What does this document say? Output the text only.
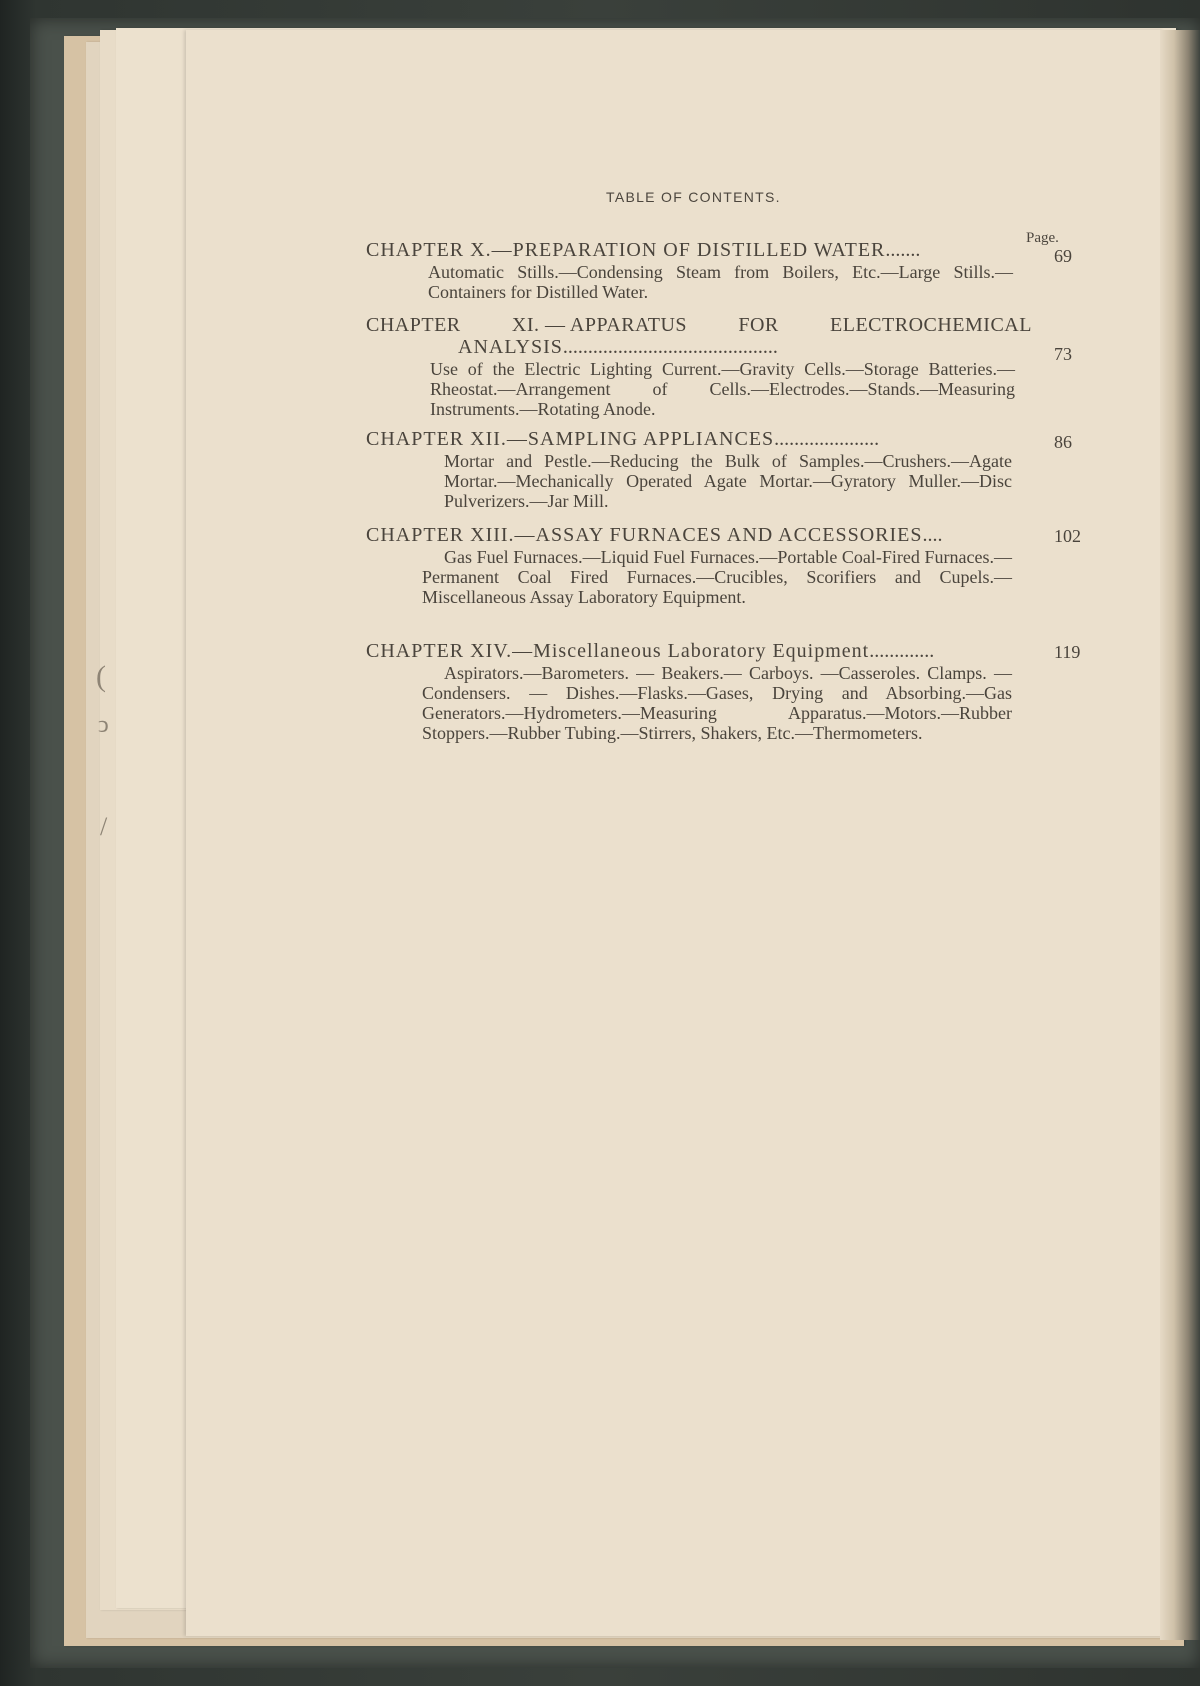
(
ↄ
/
TABLE OF CONTENTS.
Page.
CHAPTER X.—PREPARATION OF DISTILLED WATER.......	69
Automatic Stills.—Condensing Steam from Boilers, Etc.—Large Stills.—Containers for Distilled Water.
CHAPTER	XI. — APPARATUS	FOR	ELECTROCHEMICAL
ANALYSIS...........................................	73
Use of the Electric Lighting Current.—Gravity Cells.—Storage Batteries.—Rheostat.—Arrangement of Cells.—Electrodes.—Stands.—Measuring Instruments.—Rotating Anode.
CHAPTER XII.—SAMPLING APPLIANCES.....................	86
Mortar and Pestle.—Reducing the Bulk of Samples.—Crushers.—Agate Mortar.—Mechanically Operated Agate Mortar.—Gyratory Muller.—Disc Pulverizers.—Jar Mill.
CHAPTER XIII.—ASSAY FURNACES AND ACCESSORIES....	102
Gas Fuel Furnaces.—Liquid Fuel Furnaces.—Portable Coal-Fired Furnaces.—Permanent Coal Fired Furnaces.—Crucibles, Scorifiers and Cupels.—Miscellaneous Assay Laboratory Equipment.
CHAPTER XIV.—Miscellaneous Laboratory Equipment.............	119
Aspirators.—Barometers. — Beakers.— Carboys. —Casseroles. Clamps. — Condensers. — Dishes.—Flasks.—Gases, Drying and Absorbing.—Gas Generators.—Hydrometers.—Measuring Apparatus.—Motors.—Rubber Stoppers.—Rubber Tubing.—Stirrers, Shakers, Etc.—Thermometers.
